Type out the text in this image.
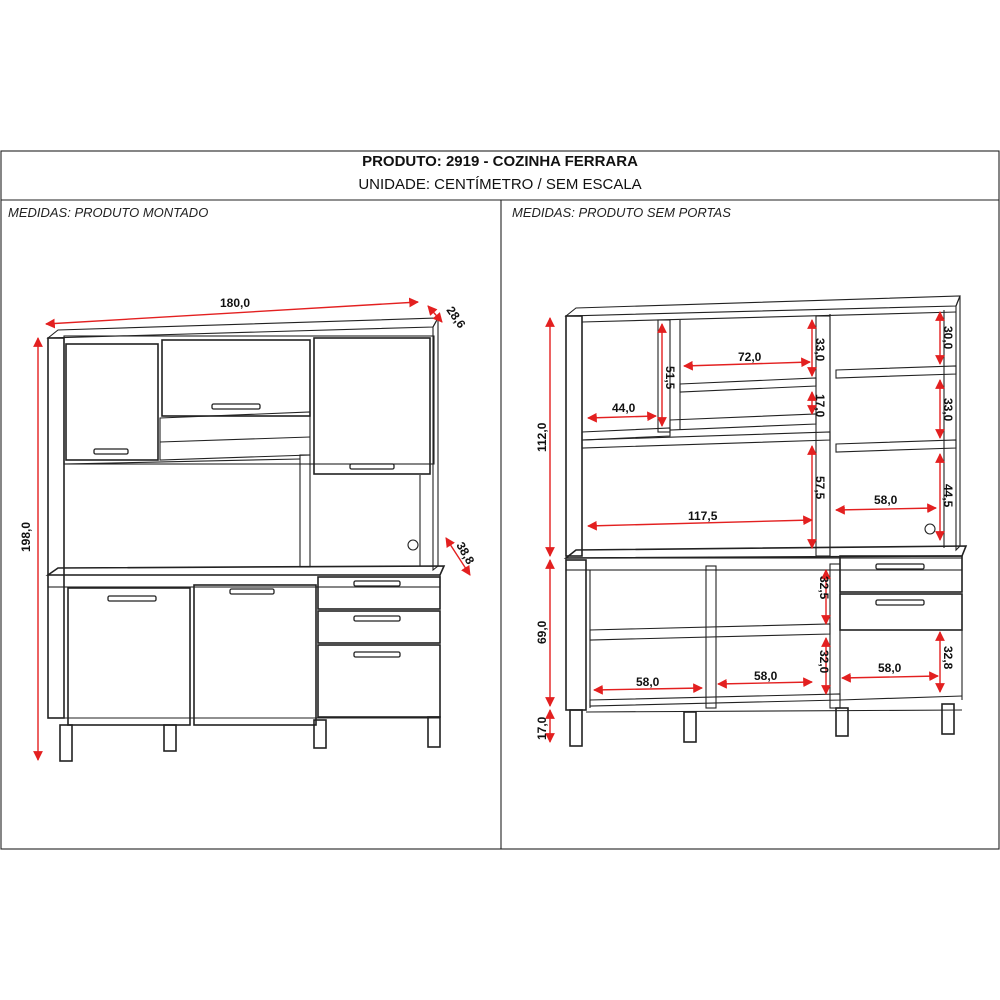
PRODUTO: 2919 - COZINHA FERRARA
UNIDADE: CENTÍMETRO / SEM ESCALA
MEDIDAS: PRODUTO MONTADO	MEDIDAS: PRODUTO SEM PORTAS
180,0
28,6
198,0
38,8
112,0
69,0
17,0
44,0
51,5
72,0	33,0
17,0
30,0
33,0
117,5
57,5
58,0	44,5
58,0	58,0
32,5
32,0	58,0	32,8
